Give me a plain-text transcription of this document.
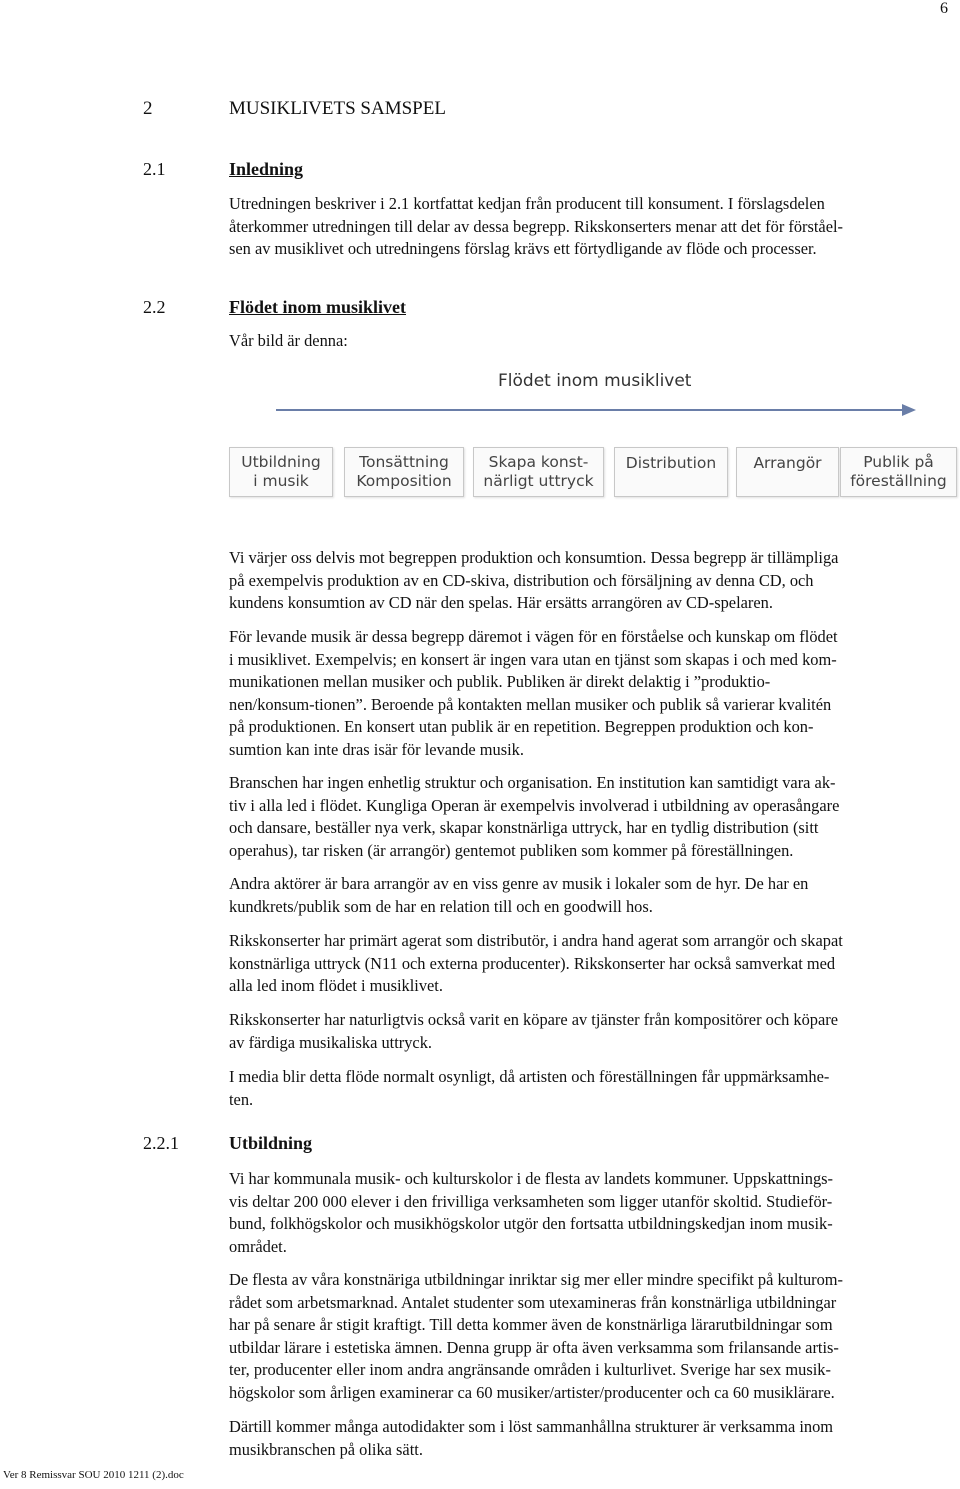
6
2	MUSIKLIVETS SAMSPEL
2.1	Inledning
Utredningen beskriver i 2.1 kortfattat kedjan från producent till konsument. I förslagsdelen
återkommer utredningen till delar av dessa begrepp. Rikskonserters menar att det för förståel-
sen av musiklivet och utredningens förslag krävs ett förtydligande av flöde och processer.
2.2	Flödet inom musiklivet
Vår bild är denna:
Flödet inom musiklivet
Utbildning
i musik
Tonsättning
Komposition
Skapa konst-
närligt uttryck
Distribution Arrangör	Publik på
föreställning
Vi värjer oss delvis mot begreppen produktion och konsumtion. Dessa begrepp är tillämpliga
på exempelvis produktion av en CD-skiva, distribution och försäljning av denna CD, och
kundens konsumtion av CD när den spelas. Här ersätts arrangören av CD-spelaren.
För levande musik är dessa begrepp däremot i vägen för en förståelse och kunskap om flödet
i musiklivet. Exempelvis; en konsert är ingen vara utan en tjänst som skapas i och med kom-
munikationen mellan musiker och publik. Publiken är direkt delaktig i ”produktio-
nen/konsum-tionen”. Beroende på kontakten mellan musiker och publik så varierar kvalitén
på produktionen. En konsert utan publik är en repetition. Begreppen produktion och kon-
sumtion kan inte dras isär för levande musik.
Branschen har ingen enhetlig struktur och organisation. En institution kan samtidigt vara ak-
tiv i alla led i flödet. Kungliga Operan är exempelvis involverad i utbildning av operasångare
och dansare, beställer nya verk, skapar konstnärliga uttryck, har en tydlig distribution (sitt
operahus), tar risken (är arrangör) gentemot publiken som kommer på föreställningen.
Andra aktörer är bara arrangör av en viss genre av musik i lokaler som de hyr. De har en
kundkrets/publik som de har en relation till och en goodwill hos.
Rikskonserter har primärt agerat som distributör, i andra hand agerat som arrangör och skapat
konstnärliga uttryck (N11 och externa producenter). Rikskonserter har också samverkat med
alla led inom flödet i musiklivet.
Rikskonserter har naturligtvis också varit en köpare av tjänster från kompositörer och köpare
av färdiga musikaliska uttryck.
I media blir detta flöde normalt osynligt, då artisten och föreställningen får uppmärksamhe-
ten.
2.2.1	Utbildning
Vi har kommunala musik- och kulturskolor i de flesta av landets kommuner. Uppskattnings-
vis deltar 200 000 elever i den frivilliga verksamheten som ligger utanför skoltid. Studieför-
bund, folkhögskolor och musikhögskolor utgör den fortsatta utbildningskedjan inom musik-
området.
De flesta av våra konstnäriga utbildningar inriktar sig mer eller mindre specifikt på kulturom-
rådet som arbetsmarknad. Antalet studenter som utexamineras från konstnärliga utbildningar
har på senare år stigit kraftigt. Till detta kommer även de konstnärliga lärarutbildningar som
utbildar lärare i estetiska ämnen. Denna grupp är ofta även verksamma som frilansande artis-
ter, producenter eller inom andra angränsande områden i kulturlivet. Sverige har sex musik-
högskolor som årligen examinerar ca 60 musiker/artister/producenter och ca 60 musiklärare.
Därtill kommer många autodidakter som i löst sammanhållna strukturer är verksamma inom
musikbranschen på olika sätt.
Ver 8 Remissvar SOU 2010 1211 (2).doc
